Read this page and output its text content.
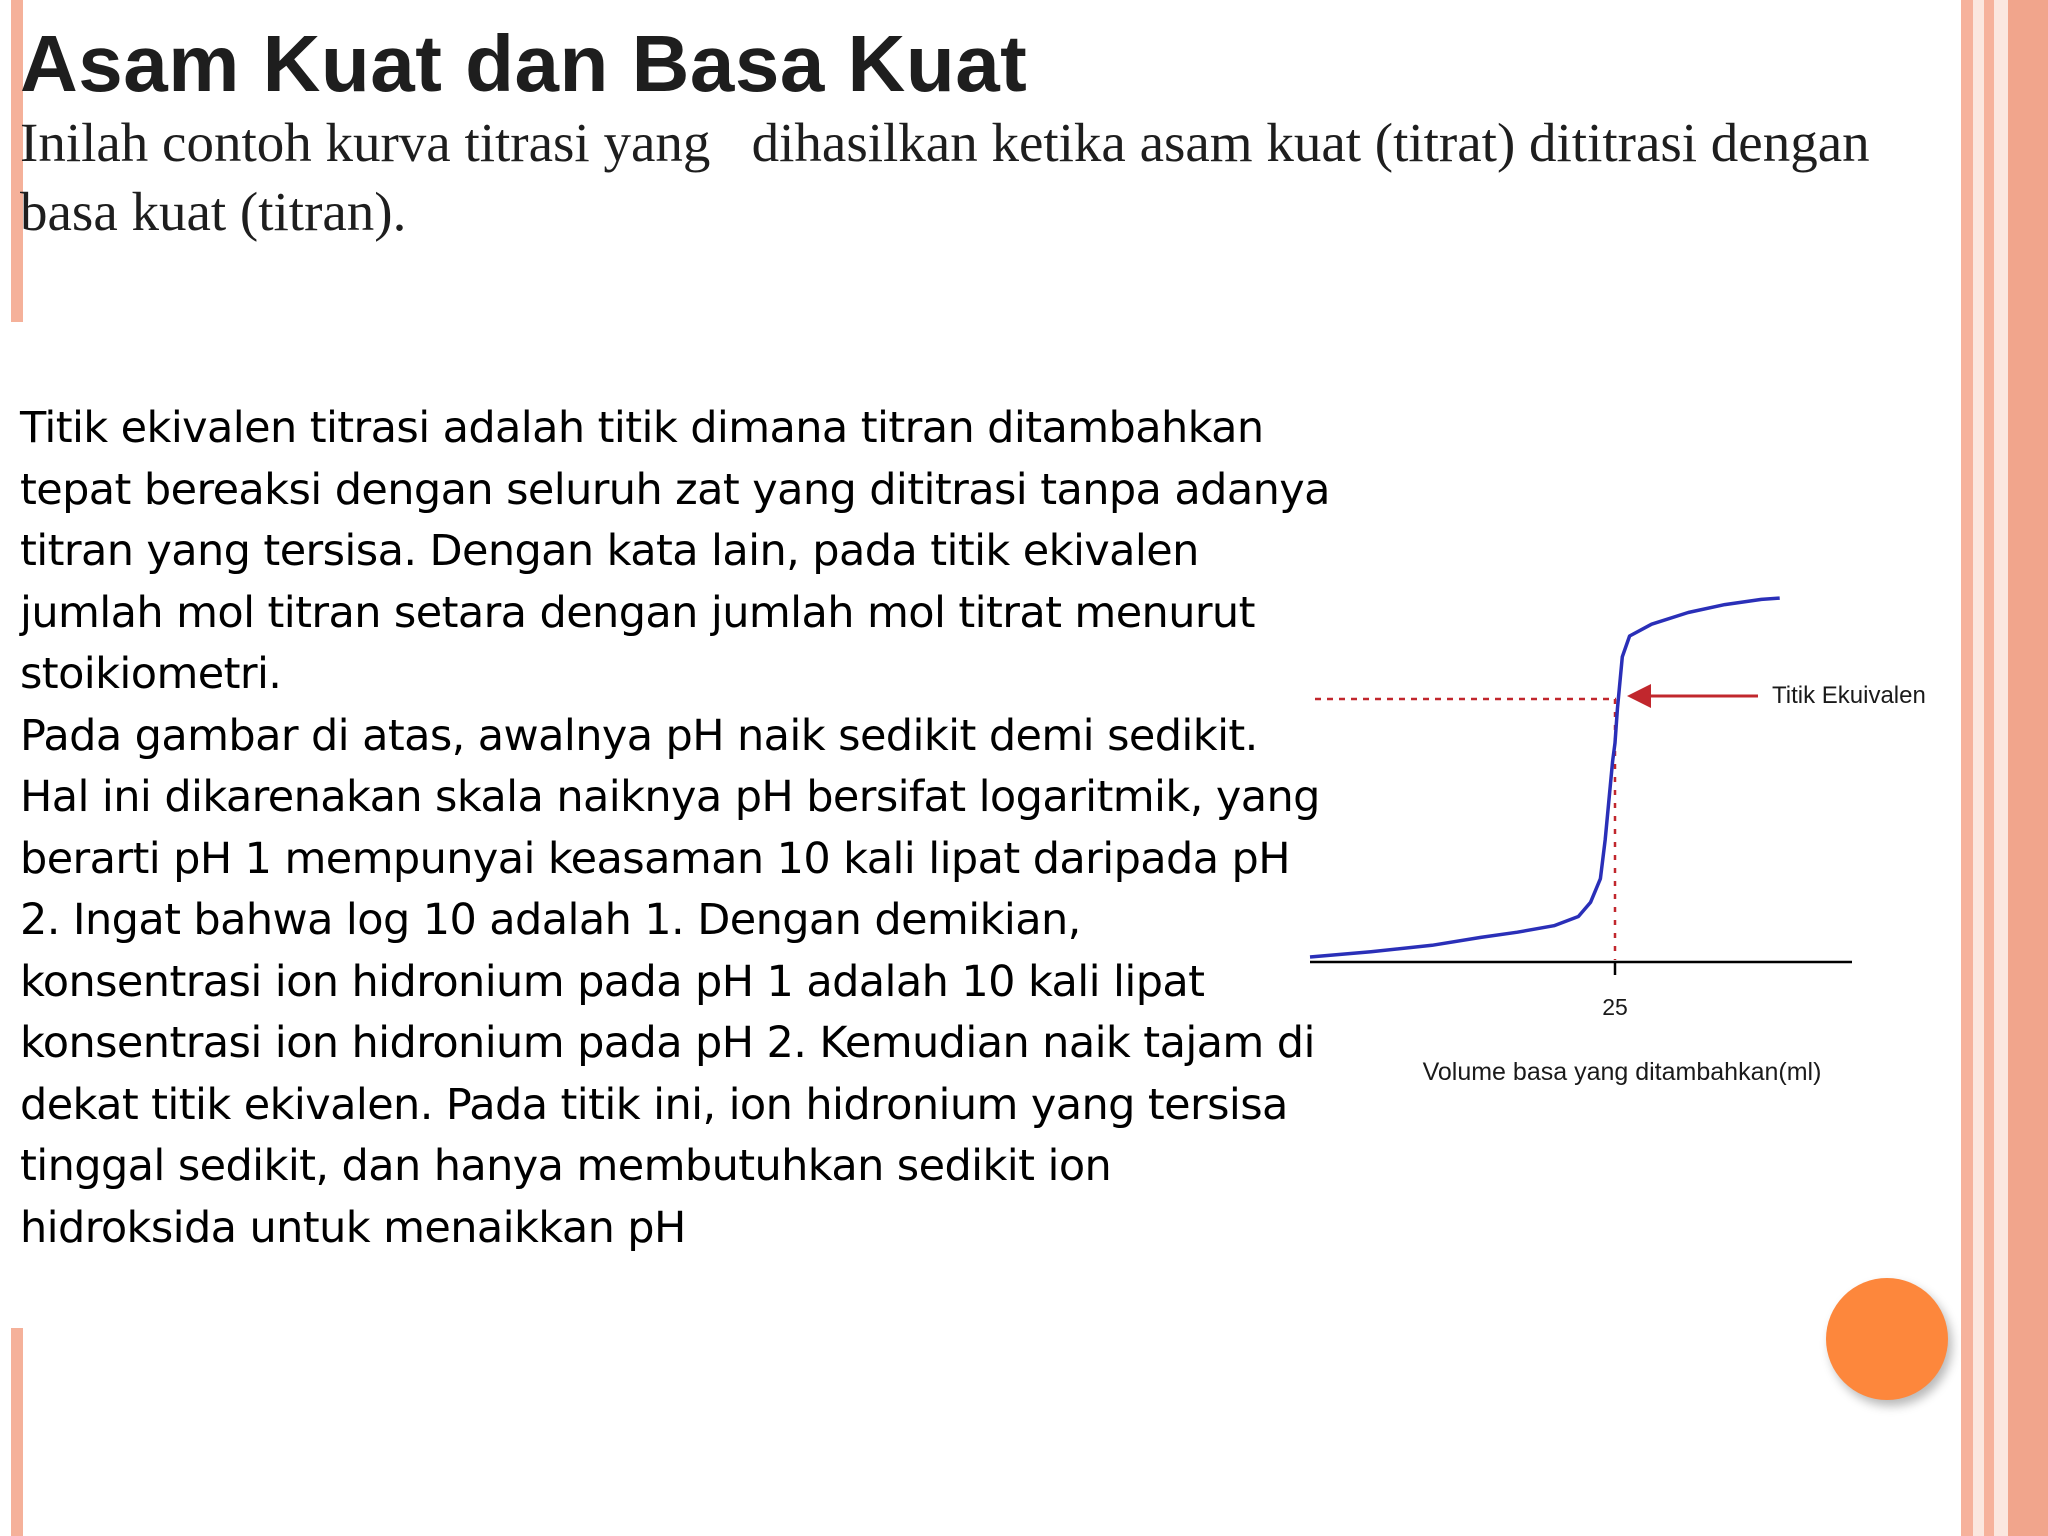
Asam Kuat dan Basa Kuat

Inilah contoh kurva titrasi yang   dihasilkan ketika asam kuat (titrat) dititrasi dengan basa kuat (titran).

Titik ekivalen titrasi adalah titik dimana titran ditambahkan tepat bereaksi dengan seluruh zat yang dititrasi tanpa adanya titran yang tersisa. Dengan kata lain, pada titik ekivalen jumlah mol titran setara dengan jumlah mol titrat menurut stoikiometri.

Pada gambar di atas, awalnya pH naik sedikit demi sedikit. Hal ini dikarenakan skala naiknya pH bersifat logaritmik, yang berarti pH 1 mempunyai keasaman 10 kali lipat daripada pH 2. Ingat bahwa log 10 adalah 1. Dengan demikian, konsentrasi ion hidronium pada pH 1 adalah 10 kali lipat konsentrasi ion hidronium pada pH 2. Kemudian naik tajam di dekat titik ekivalen. Pada titik ini, ion hidronium yang tersisa tinggal sedikit, dan hanya membutuhkan sedikit ion hidroksida untuk menaikkan pH

Titik Ekuivalen
25
Volume basa yang ditambahkan(ml)
